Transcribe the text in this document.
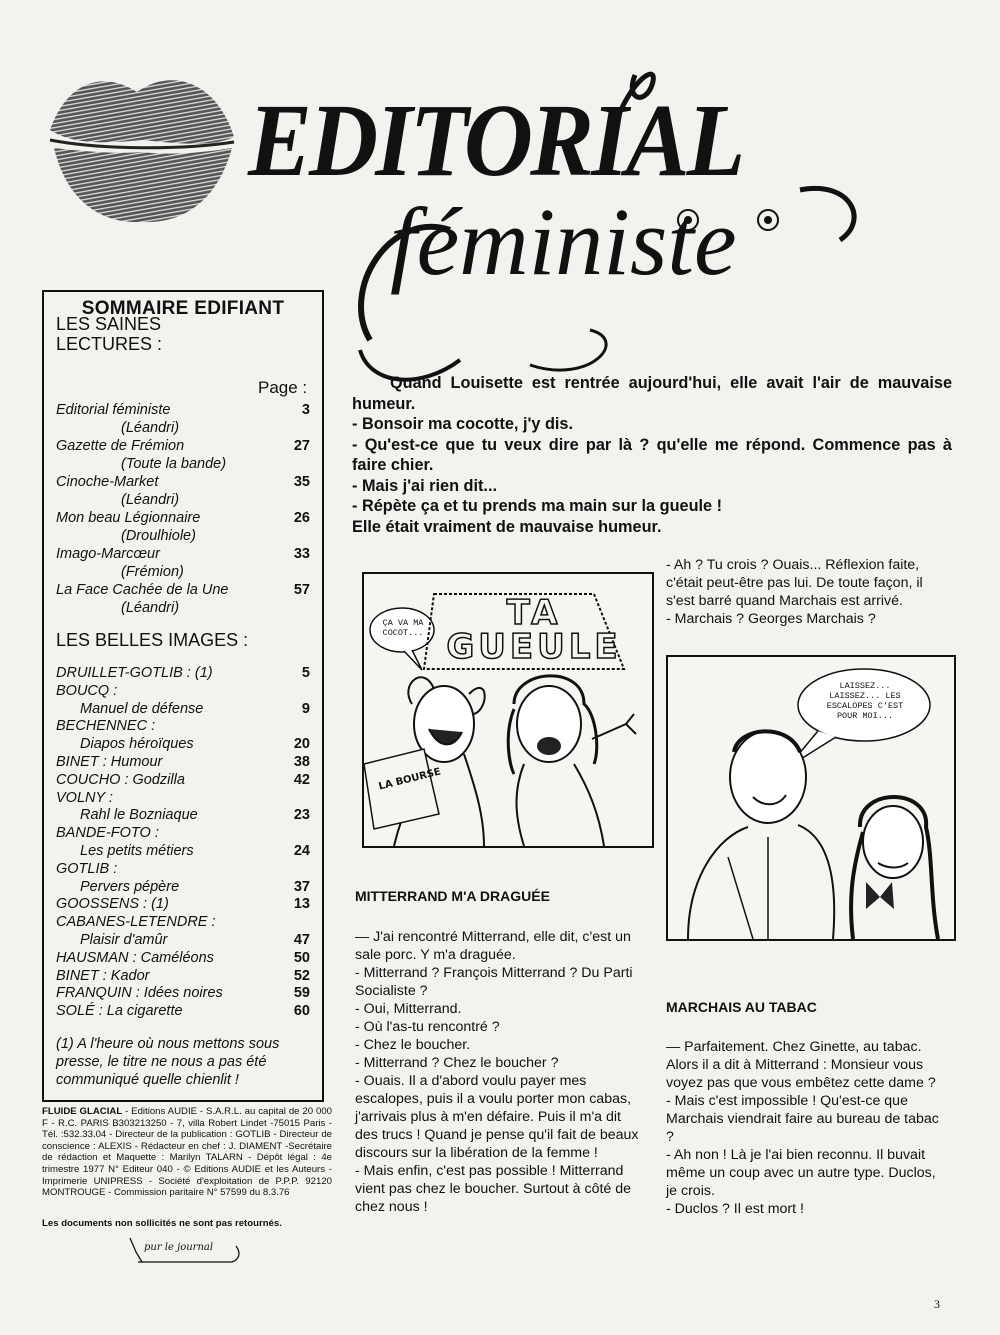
EDITORIAL
féministe
SOMMAIRE EDIFIANT
LES SAINES
LECTURES :
Page :
Editorial féministe	3
(Léandri)
Gazette de Frémion	27
(Toute la bande)
Cinoche-Market	35
(Léandri)
Mon beau Légionnaire	26
(Droulhiole)
Imago-Marcœur	33
(Frémion)
La Face Cachée de la Une	57
(Léandri)
LES BELLES IMAGES :
DRUILLET-GOTLIB : (1)	5
BOUCQ :
Manuel de défense	9
BECHENNEC :
Diapos héroïques	20
BINET : Humour	38
COUCHO : Godzilla	42
VOLNY :
Rahl le Bozniaque	23
BANDE-FOTO :
Les petits métiers	24
GOTLIB :
Pervers pépère	37
GOOSSENS : (1)	13
CABANES-LETENDRE :
Plaisir d'amûr	47
HAUSMAN : Caméléons	50
BINET : Kador	52
FRANQUIN : Idées noires	59
SOLÉ : La cigarette	60
(1) A l'heure où nous mettons sous presse, le titre ne nous a pas été communiqué quelle chienlit !
FLUIDE GLACIAL - Editions AUDIE - S.A.R.L. au capital de 20 000 F - R.C. PARIS B303213250 - 7, villa Robert Lindet -75015 Paris - Tél. :532.33.04 - Directeur de la publication : GOTLIB - Directeur de conscience : ALEXIS - Rédacteur en chef : J. DIAMENT -Secrétaire de rédaction et Maquette : Marilyn TALARN - Dépôt légal : 4e trimestre 1977 N° Editeur 040 - © Editions AUDIE et les Auteurs - Imprimerie UNIPRESS - Société d'exploitation de P.P.P. 92120 MONTROUGE - Commission paritaire N° 57599 du 8.3.76
Les documents non sollicités ne sont pas retournés.
pur le journal

Quand Louisette est rentrée aujourd'hui, elle avait l'air de mauvaise humeur.

- Bonsoir ma cocotte, j'y dis.

- Qu'est-ce que tu veux dire par là ? qu'elle me répond. Commence pas à faire chier.

- Mais j'ai rien dit...

- Répète ça et tu prends ma main sur la gueule !

Elle était vraiment de mauvaise humeur.

ÇA VA MA COCOT...	TA GUEULE
LA BOURSE
LAISSEZ... LAISSEZ... LES ESCALOPES C'EST POUR MOI...
- Ah ? Tu crois ? Ouais... Réflexion faite, c'était peut-être pas lui. De toute façon, il s'est barré quand Marchais est arrivé.
- Marchais ? Georges Marchais ?
MITTERRAND M'A DRAGUÉE

— J'ai rencontré Mitterrand, elle dit, c'est un sale porc. Y m'a draguée.

- Mitterrand ? François Mitterrand ? Du Parti Socialiste ?

- Oui, Mitterrand.

- Où l'as-tu rencontré ?

- Chez le boucher.

- Mitterrand ? Chez le boucher ?

- Ouais. Il a d'abord voulu payer mes escalopes, puis il a voulu porter mon cabas, j'arrivais plus à m'en défaire. Puis il m'a dit des trucs ! Quand je pense qu'il fait de beaux discours sur la libération de la femme !

- Mais enfin, c'est pas possible ! Mitterrand vient pas chez le boucher. Surtout à côté de chez nous !

MARCHAIS AU TABAC

— Parfaitement. Chez Ginette, au tabac. Alors il a dit à Mitterrand : Monsieur vous voyez pas que vous embêtez cette dame ?

- Mais c'est impossible ! Qu'est-ce que Marchais viendrait faire au bureau de tabac ?

- Ah non ! Là je l'ai bien reconnu. Il buvait même un coup avec un autre type. Duclos, je crois.

- Duclos ? Il est mort !

3
